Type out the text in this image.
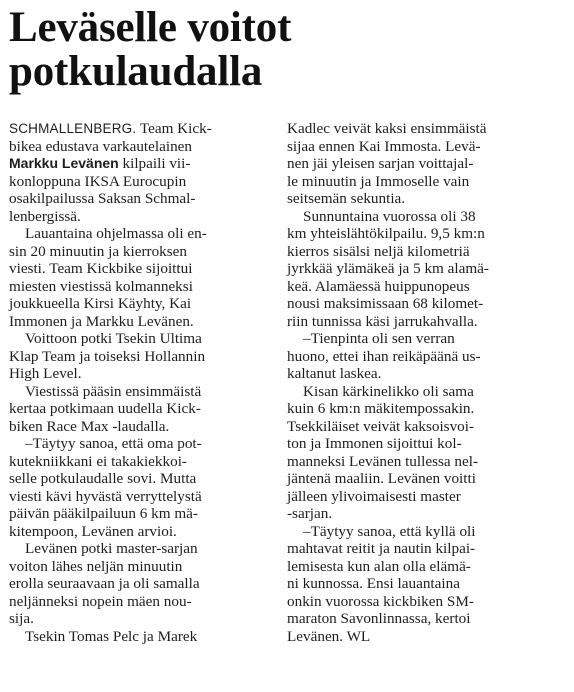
Leväselle voitot
potkulaudalla

SCHMALLENBERG. Team Kick-
bikea edustava varkautelainen
Markku Levänen kilpaili vii-
konloppuna IKSA Eurocupin
osakilpailussa Saksan Schmal-
lenbergissä.

Lauantaina ohjelmassa oli en-
sin 20 minuutin ja kierroksen
viesti. Team Kickbike sijoittui
miesten viestissä kolmanneksi
joukkueella Kirsi Käyhty, Kai
Immonen ja Markku Levänen.

Voittoon potki Tsekin Ultima
Klap Team ja toiseksi Hollannin
High Level.

Viestissä pääsin ensimmäistä
kertaa potkimaan uudella Kick-
biken Race Max -laudalla.

–Täytyy sanoa, että oma pot-
kutekniikkani ei takakiekkoi-
selle potkulaudalle sovi. Mutta
viesti kävi hyvästä verryttelystä
päivän pääkilpailuun 6 km mä-
kitempoon, Levänen arvioi.

Levänen potki master-sarjan
voiton lähes neljän minuutin
erolla seuraavaan ja oli samalla
neljänneksi nopein mäen nou-
sija.

Tsekin Tomas Pelc ja Marek

Kadlec veivät kaksi ensimmäistä
sijaa ennen Kai Immosta. Levä-
nen jäi yleisen sarjan voittajal-
le minuutin ja Immoselle vain
seitsemän sekuntia.

Sunnuntaina vuorossa oli 38
km yhteislähtökilpailu. 9,5 km:n
kierros sisälsi neljä kilometriä
jyrkkää ylämäkeä ja 5 km alamä-
keä. Alamäessä huippunopeus
nousi maksimissaan 68 kilomet-
riin tunnissa käsi jarrukahvalla.

–Tienpinta oli sen verran
huono, ettei ihan reikäpäänä us-
kaltanut laskea.

Kisan kärkinelikko oli sama
kuin 6 km:n mäkitempossakin.
Tsekkiläiset veivät kaksoisvoi-
ton ja Immonen sijoittui kol-
manneksi Levänen tullessa nel-
jäntenä maaliin. Levänen voitti
jälleen ylivoimaisesti master
-sarjan.

–Täytyy sanoa, että kyllä oli
mahtavat reitit ja nautin kilpai-
lemisesta kun alan olla elämä-
ni kunnossa. Ensi lauantaina
onkin vuorossa kickbiken SM-
maraton Savonlinnassa, kertoi
Levänen. WL
